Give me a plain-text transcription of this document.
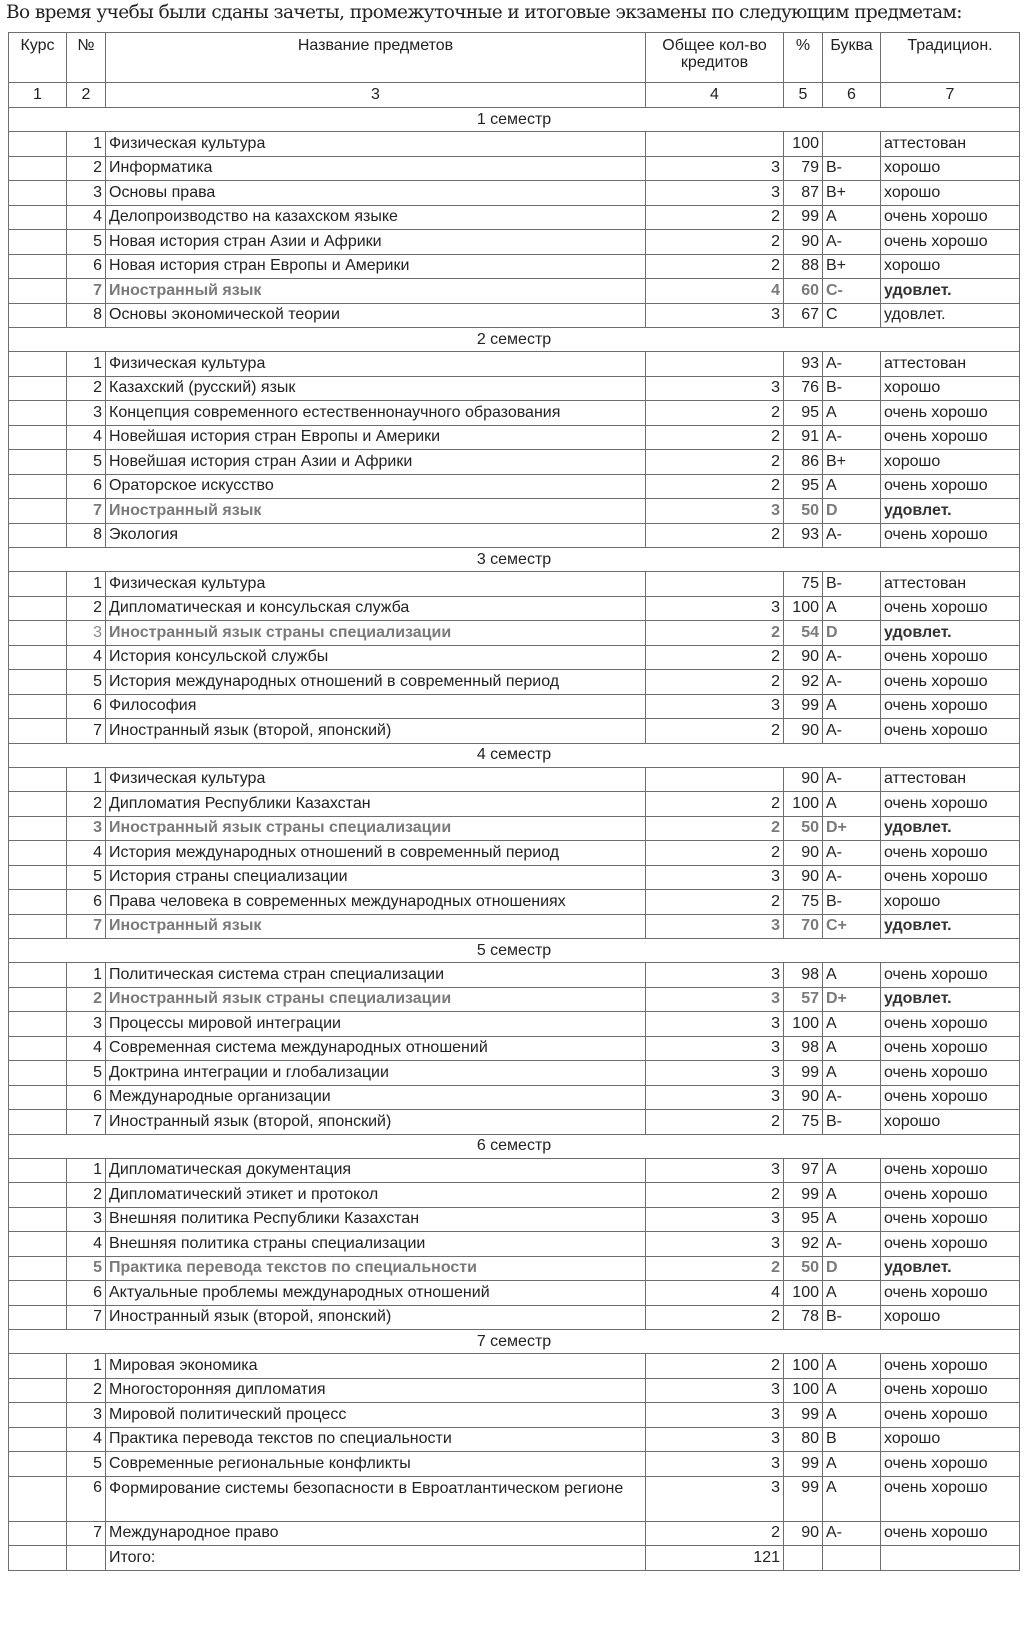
Во время учебы были сданы зачеты, промежуточные и итоговые экзамены по следующим предметам:
Курс	№	Название предметов	Общее кол-во кредитов	%	Буква	Традицион.
1	2	3	4	5	6	7
1 семестр						
	1	Физическая культура		100		аттестован
	2	Информатика	3	79	B-	хорошо
	3	Основы права	3	87	B+	хорошо
	4	Делопроизводство на казахском языке	2	99	A	очень хорошо
	5	Новая история стран Азии и Африки	2	90	A-	очень хорошо
	6	Новая история стран Европы и Америки	2	88	B+	хорошо
	7	Иностранный язык	4	60	C-	удовлет.
	8	Основы экономической теории	3	67	C	удовлет.
2 семестр						
	1	Физическая культура		93	A-	аттестован
	2	Казахский (русский) язык	3	76	B-	хорошо
	3	Концепция современного естественнонаучного образования	2	95	A	очень хорошо
	4	Новейшая история стран Европы и Америки	2	91	A-	очень хорошо
	5	Новейшая история стран Азии и Африки	2	86	B+	хорошо
	6	Ораторское искусство	2	95	A	очень хорошо
	7	Иностранный язык	3	50	D	удовлет.
	8	Экология	2	93	A-	очень хорошо
3 семестр						
	1	Физическая культура		75	B-	аттестован
	2	Дипломатическая и консульская служба	3	100	A	очень хорошо
	3	Иностранный язык страны специализации	2	54	D	удовлет.
	4	История консульской службы	2	90	A-	очень хорошо
	5	История международных отношений в современный период	2	92	A-	очень хорошо
	6	Философия	3	99	A	очень хорошо
	7	Иностранный язык (второй, японский)	2	90	A-	очень хорошо
4 семестр						
	1	Физическая культура		90	A-	аттестован
	2	Дипломатия Республики Казахстан	2	100	A	очень хорошо
	3	Иностранный язык страны специализации	2	50	D+	удовлет.
	4	История международных отношений в современный период	2	90	A-	очень хорошо
	5	История страны специализации	3	90	A-	очень хорошо
	6	Права человека в современных международных отношениях	2	75	B-	хорошо
	7	Иностранный язык	3	70	C+	удовлет.
5 семестр						
	1	Политическая система стран специализации	3	98	A	очень хорошо
	2	Иностранный язык страны специализации	3	57	D+	удовлет.
	3	Процессы мировой интеграции	3	100	A	очень хорошо
	4	Современная система международных отношений	3	98	A	очень хорошо
	5	Доктрина интеграции и глобализации	3	99	A	очень хорошо
	6	Международные организации	3	90	A-	очень хорошо
	7	Иностранный язык (второй, японский)	2	75	B-	хорошо
6 семестр						
	1	Дипломатическая документация	3	97	A	очень хорошо
	2	Дипломатический этикет и протокол	2	99	A	очень хорошо
	3	Внешняя политика Республики Казахстан	3	95	A	очень хорошо
	4	Внешняя политика страны специализации	3	92	A-	очень хорошо
	5	Практика перевода текстов по специальности	2	50	D	удовлет.
	6	Актуальные проблемы международных отношений	4	100	A	очень хорошо
	7	Иностранный язык (второй, японский)	2	78	B-	хорошо
7 семестр						
	1	Мировая экономика	2	100	A	очень хорошо
	2	Многосторонняя дипломатия	3	100	A	очень хорошо
	3	Мировой политический процесс	3	99	A	очень хорошо
	4	Практика перевода текстов по специальности	3	80	B	хорошо
	5	Современные региональные конфликты	3	99	A	очень хорошо
	6	Формирование системы безопасности в Евроатлантическом регионе	3	99	A	очень хорошо
	7	Международное право	2	90	A-	очень хорошо
		Итого:	121			
